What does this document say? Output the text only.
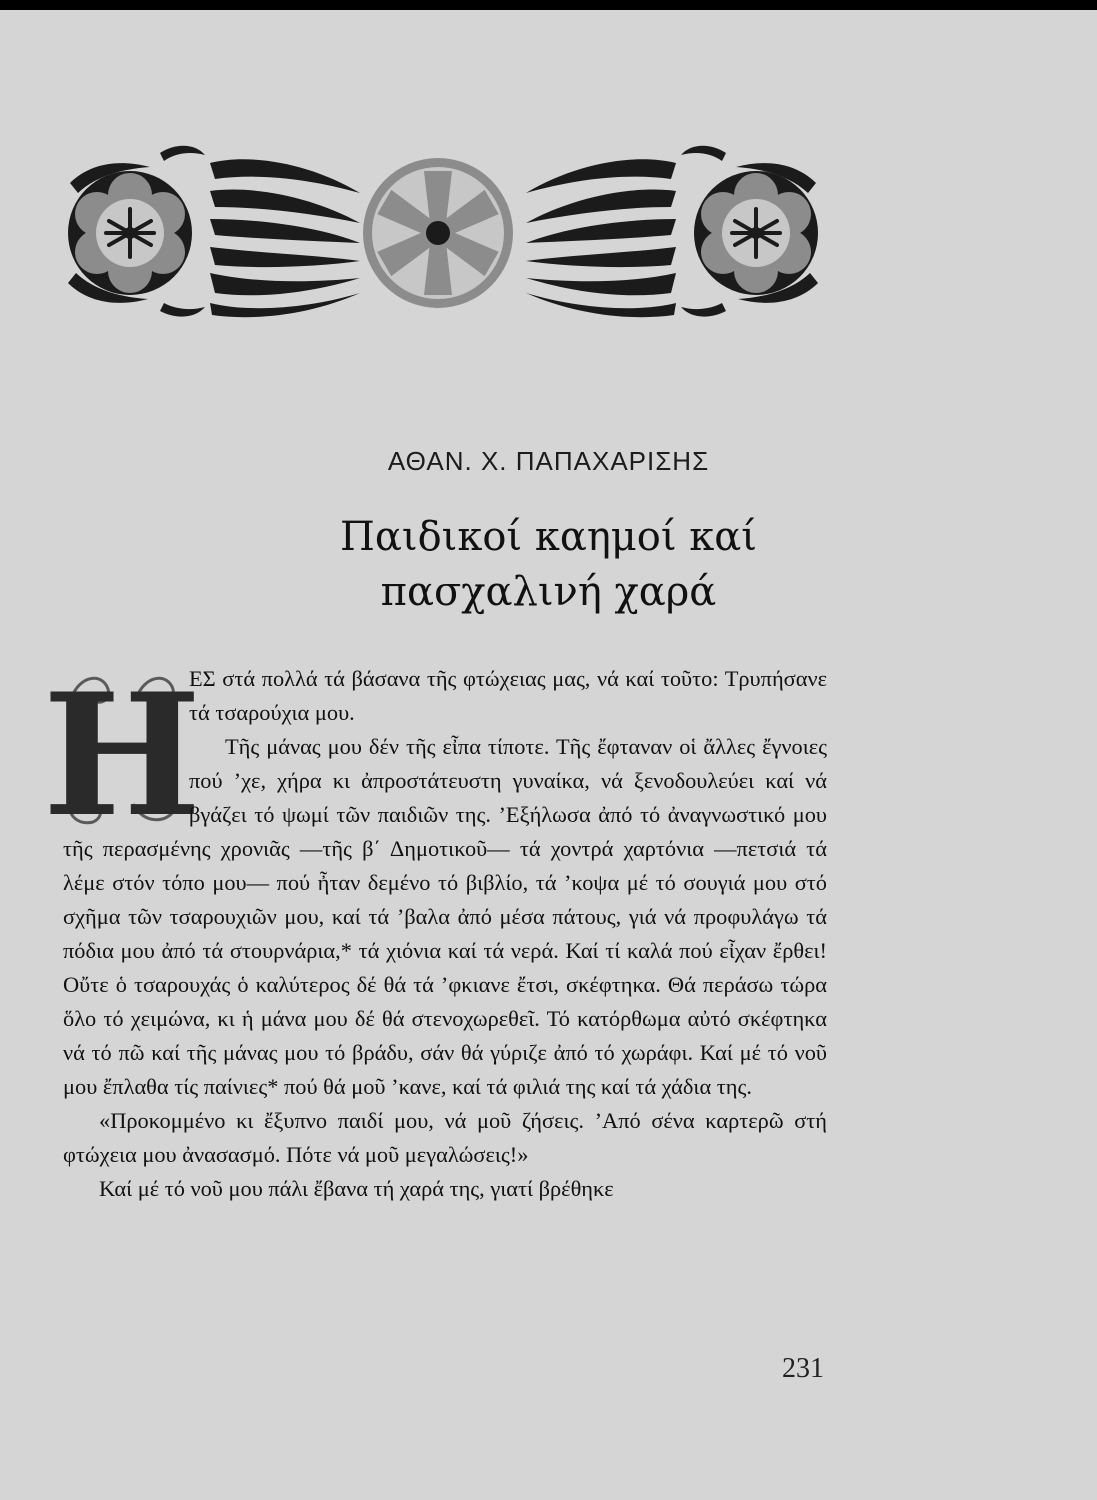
ΑΘΑΝ. Χ. ΠΑΠΑΧΑΡΙΣΗΣ
Παιδικοί καημοί καί
πασχαλινή χαρά
Η

ΕΣ στά πολλά τά βάσανα τῆς φτώχειας μας, νά καί τοῦτο: Τρυπήσανε τά τσαρούχια μου.

Τῆς μάνας μου δέν τῆς εἶπα τίποτε. Τῆς ἔφταναν οἱ ἄλλες ἔγνοιες πού ’χε, χήρα κι ἀπροστάτευστη γυναίκα, νά ξενοδουλεύει καί νά βγάζει τό ψωμί τῶν παιδιῶν της. ’Εξήλωσα ἀπό τό ἀναγνωστικό μου τῆς περασμένης χρονιᾶς —τῆς β΄ Δημοτικοῦ— τά χοντρά χαρτόνια —πετσιά τά λέμε στόν τόπο μου— πού ἦταν δεμένο τό βιβλίο, τά ’κοψα μέ τό σουγιά μου στό σχῆμα τῶν τσαρουχιῶν μου, καί τά ’βαλα ἀπό μέσα πάτους, γιά νά προφυλάγω τά πόδια μου ἀπό τά στουρνάρια,* τά χιόνια καί τά νερά. Καί τί καλά πού εἶχαν ἔρθει! Οὔτε ὁ τσαρουχάς ὁ καλύτερος δέ θά τά ’φκιανε ἔτσι, σκέφτηκα. Θά περάσω τώρα ὅλο τό χειμώνα, κι ἡ μάνα μου δέ θά στενοχωρεθεῖ. Τό κατόρθωμα αὐτό σκέφτηκα νά τό πῶ καί τῆς μάνας μου τό βράδυ, σάν θά γύριζε ἀπό τό χωράφι. Καί μέ τό νοῦ μου ἔπλαθα τίς παίνιες* πού θά μοῦ ’κανε, καί τά φιλιά της καί τά χάδια της.

«Προκομμένο κι ἔξυπνο παιδί μου, νά μοῦ ζήσεις. ’Από σένα καρτερῶ στή φτώχεια μου ἀνασασμό. Πότε νά μοῦ μεγαλώσεις!»

Καί μέ τό νοῦ μου πάλι ἔβανα τή χαρά της, γιατί βρέθηκε

231
